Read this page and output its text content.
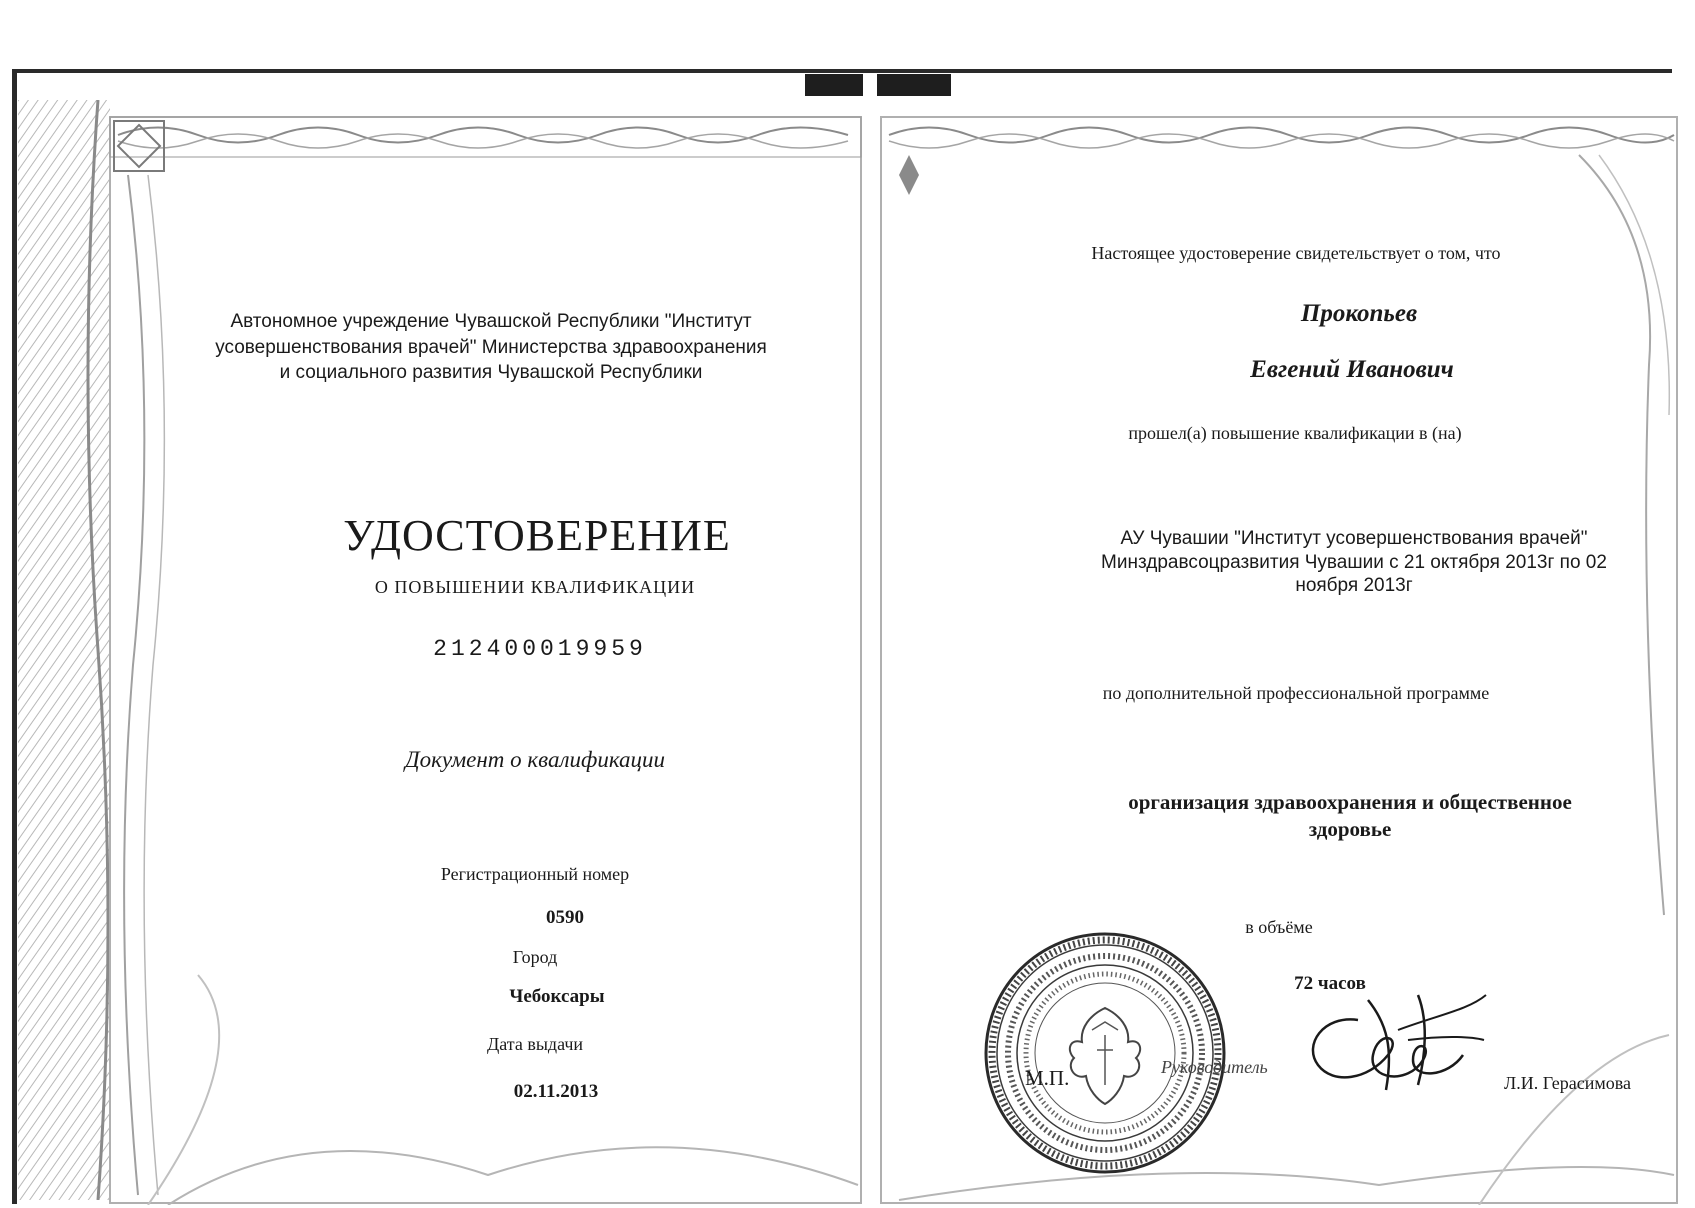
Автономное учреждение Чувашской Республики "Институт
усовершенствования врачей" Министерства здравоохранения
и социального развития Чувашской Республики
УДОСТОВЕРЕНИЕ
О ПОВЫШЕНИИ КВАЛИФИКАЦИИ
212400019959
Документ о квалификации
Регистрационный номер
0590
Город
Чебоксары
Дата выдачи
02.11.2013
Настоящее удостоверение свидетельствует о том, что
Прокопьев
Евгений Иванович
прошел(а) повышение квалификации в (на)
АУ Чувашии "Институт усовершенствования врачей"
Минздравсоцразвития Чувашии с 21 октября 2013г по 02
ноября 2013г
по дополнительной профессиональной программе
организация здравоохранения и общественное
здоровье
в объёме
72 часов
М.П.	Руководитель
Л.И. Герасимова
